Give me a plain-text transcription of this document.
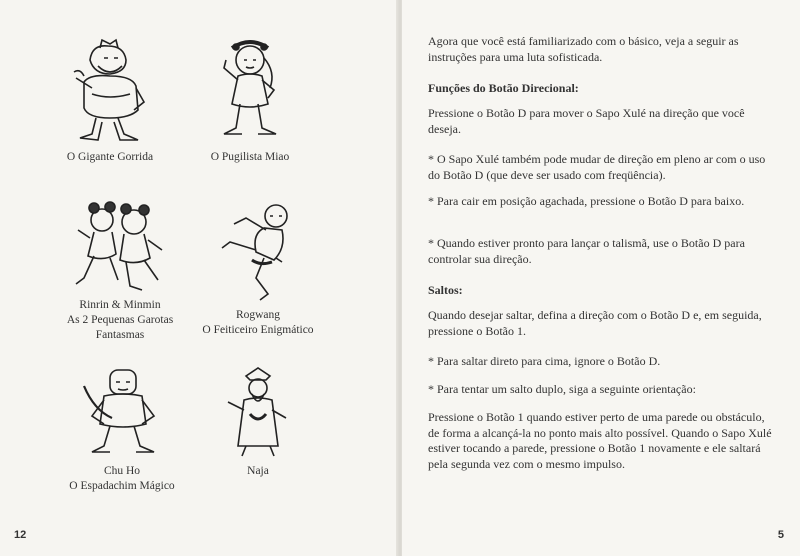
O Gigante Gorrida	O Pugilista Miao
Rinrin & Minmin
As 2 Pequenas Garotas
Fantasmas
Rogwang
O Feiticeiro Enigmático
Chu Ho
O Espadachim Mágico
Naja
12
Agora que você está familiarizado com o básico, veja a seguir as instruções para uma luta sofisticada.
Funções do Botão Direcional:
Pressione o Botão D para mover o Sapo Xulé na direção que você deseja.
* O Sapo Xulé também pode mudar de direção em pleno ar com o uso do Botão D (que deve ser usado com freqüência).
* Para cair em posição agachada, pressione o Botão D para baixo.
* Quando estiver pronto para lançar o talismã, use o Botão D para controlar sua direção.
Saltos:
Quando desejar saltar, defina a direção com o Botão D e, em seguida, pressione o Botão 1.
* Para saltar direto para cima, ignore o Botão D.
* Para tentar um salto duplo, siga a seguinte orientação:
Pressione o Botão 1 quando estiver perto de uma parede ou obstáculo, de forma a alcançá-la no ponto mais alto possível. Quando o Sapo Xulé estiver tocando a parede, pressione o Botão 1 novamente e ele saltará pela segunda vez com o mesmo impulso.
5
